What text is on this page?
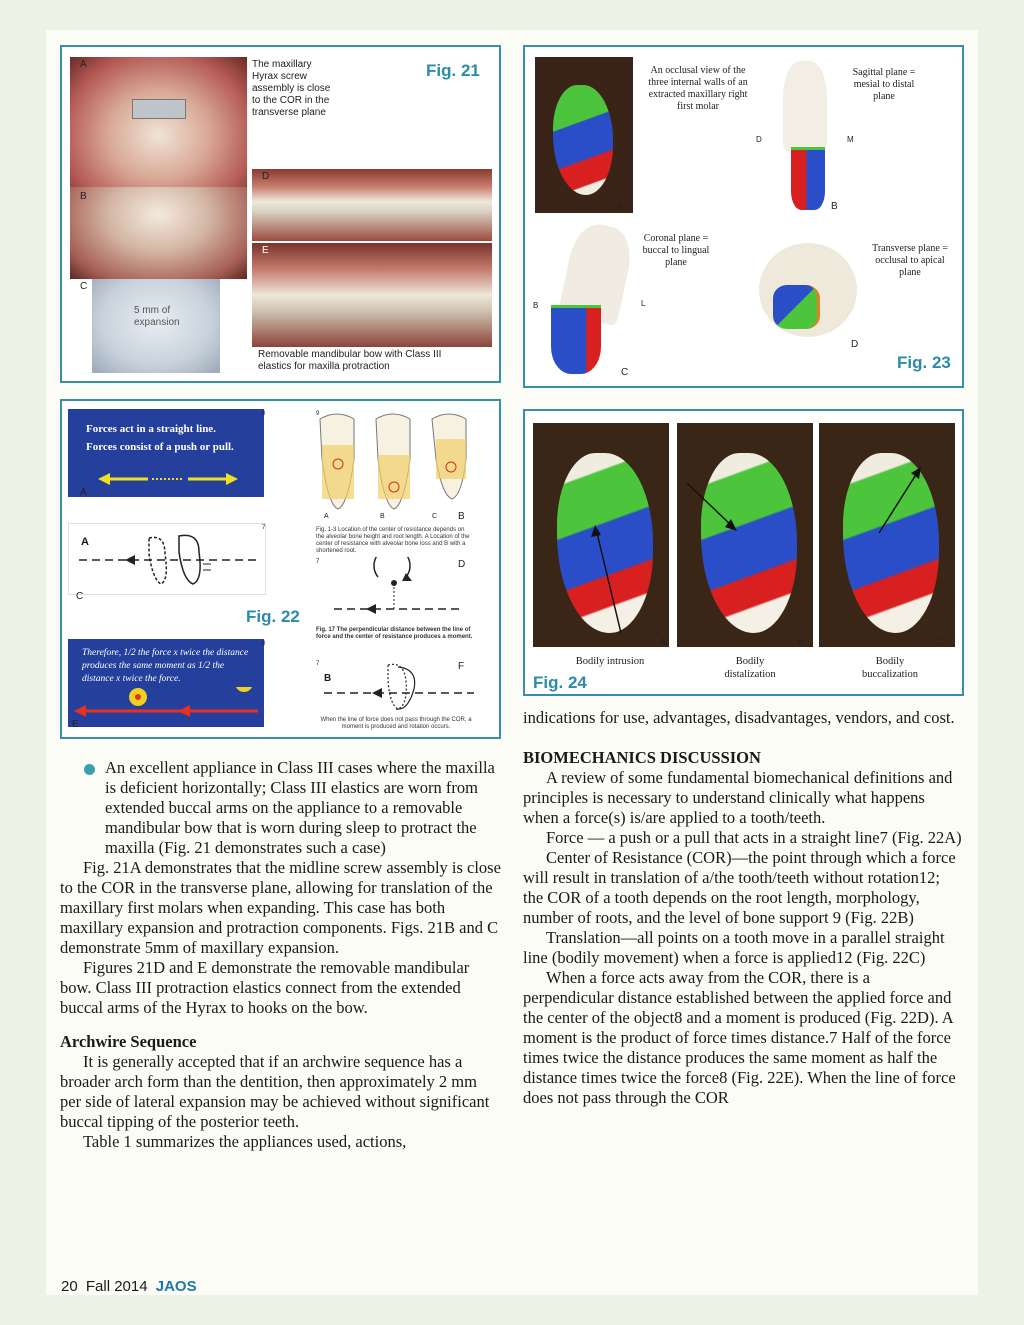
A	The maxillary Hyrax screw assembly is close to the COR in the transverse plane
Fig. 21
B
C
5 mm of expansion
D
E
Removable mandibular bow with Class III elastics for maxilla protraction
An occlusal view of the three internal walls of an extracted maxillary right first molar
A
D	M
Sagittal plane = mesial to distal plane
B
B	L
Coronal plane = buccal to lingual plane
C
Transverse plane = occlusal to apical plane
D
Fig. 23
Forces act in a straight line.
Forces consist of a push or pull.
A
8	9
A	B	C B
Fig. 1-3 Location of the center of resistance depends on the alveolar bone height and root length. A Location of the center of resistance with alveolar bone loss and B with a shortened root.
A
7
C
Fig. 22
Fig. 17 The perpendicular distance between the line of force and the center of resistance produces a moment.
7	D
Therefore, 1/2 the force x twice the distance produces the same moment as 1/2 the distance x twice the force.
8
E
B
When the line of force does not pass through the COR, a moment is produced and rotation occurs.
7	F
A	B	C
Bodily intrusion	Bodily distalization
Bodily buccalization
Fig. 24

An excellent appliance in Class III cases where the maxilla is deficient horizontally; Class III elastics are worn from extended buccal arms on the appliance to a removable mandibular bow that is worn during sleep to protract the maxilla (Fig. 21 demonstrates such a case)

Fig. 21A demonstrates that the midline screw assembly is close to the COR in the transverse plane, allowing for translation of the maxillary first molars when expanding. This case has both maxillary expansion and protraction components. Figs. 21B and C demonstrate 5mm of maxillary expansion.

Figures 21D and E demonstrate the removable mandibular bow. Class III protraction elastics connect from the extended buccal arms of the Hyrax to hooks on the bow.

Archwire Sequence

It is generally accepted that if an archwire sequence has a broader arch form than the dentition, then approximately 2 mm per side of lateral expansion may be achieved without significant buccal tipping of the posterior teeth.

Table 1 summarizes the appliances used, actions,

indications for use, advantages, disadvantages, vendors, and cost.

BIOMECHANICS DISCUSSION

A review of some fundamental biomechanical definitions and principles is necessary to understand clinically what happens when a force(s) is/are applied to a tooth/teeth.

Force — a push or a pull that acts in a straight line7 (Fig. 22A)

Center of Resistance (COR)—the point through which a force will result in translation of a/the tooth/teeth without rotation12; the COR of a tooth depends on the root length, morphology, number of roots, and the level of bone support 9 (Fig. 22B)

Translation—all points on a tooth move in a parallel straight line (bodily movement) when a force is applied12 (Fig. 22C)

When a force acts away from the COR, there is a perpendicular distance established between the applied force and the center of the object8 and a moment is produced (Fig. 22D). A moment is the product of force times distance.7 Half of the force times twice the distance produces the same moment as half the distance times twice the force8 (Fig. 22E). When the line of force does not pass through the COR

20 Fall 2014 JAOS
